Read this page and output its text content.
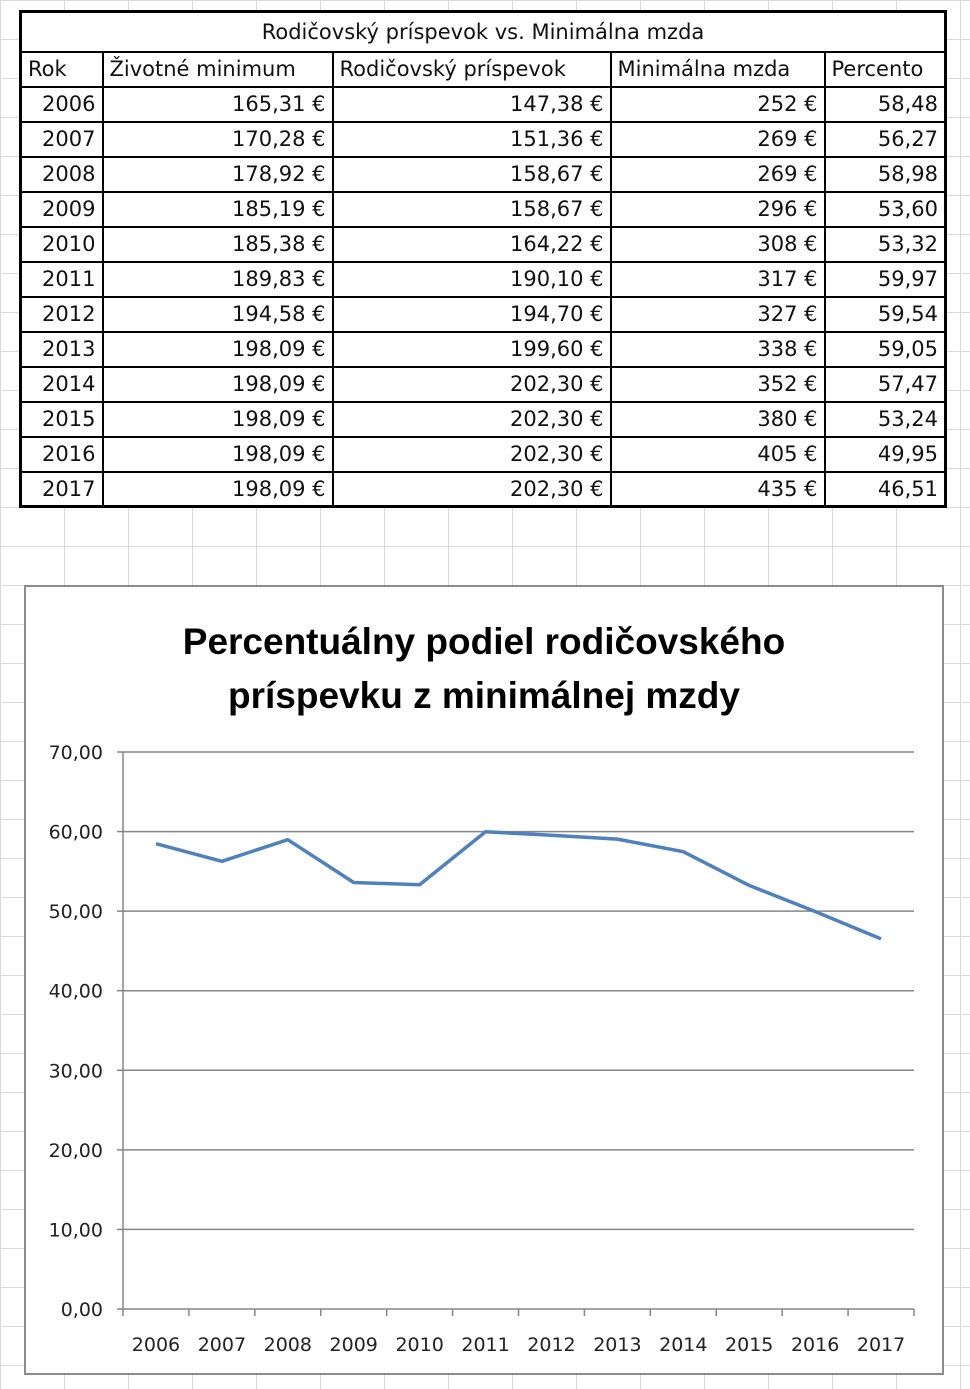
Rodičovský príspevok vs. Minimálna mzda				
Rok	Životné minimum	Rodičovský príspevok	Minimálna mzda	Percento
2006	165,31 €	147,38 €	252 €	58,48
2007	170,28 €	151,36 €	269 €	56,27
2008	178,92 €	158,67 €	269 €	58,98
2009	185,19 €	158,67 €	296 €	53,60
2010	185,38 €	164,22 €	308 €	53,32
2011	189,83 €	190,10 €	317 €	59,97
2012	194,58 €	194,70 €	327 €	59,54
2013	198,09 €	199,60 €	338 €	59,05
2014	198,09 €	202,30 €	352 €	57,47
2015	198,09 €	202,30 €	380 €	53,24
2016	198,09 €	202,30 €	405 €	49,95
2017	198,09 €	202,30 €	435 €	46,51
Percentuálny podiel rodičovského
príspevku z minimálnej mzdy
0,00
10,00
20,00
30,00
40,00
50,00
60,00
70,00
2006 2007 2008 2009 2010 2011 2012 2013 2014 2015 2016 2017
